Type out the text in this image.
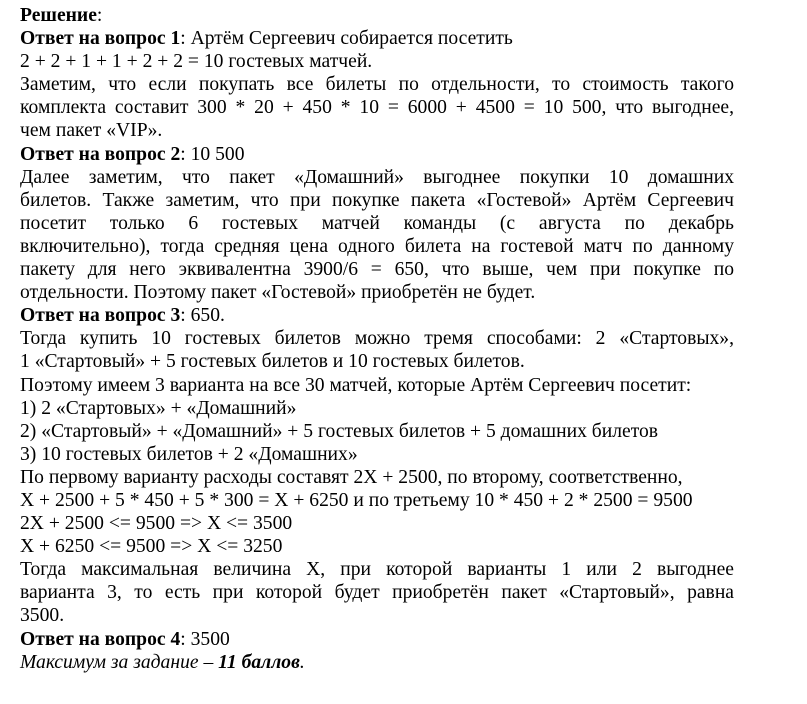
Решение:
Ответ на вопрос 1: Артём Сергеевич собирается посетить
2 + 2 + 1 + 1 + 2 + 2 = 10 гостевых матчей.
Заметим, что если покупать все билеты по отдельности, то стоимость такого
комплекта составит 300 * 20 + 450 * 10 = 6000 + 4500 = 10 500, что выгоднее,
чем пакет «VIP».
Ответ на вопрос 2: 10 500
Далее заметим, что пакет «Домашний» выгоднее покупки 10 домашних
билетов. Также заметим, что при покупке пакета «Гостевой» Артём Сергеевич
посетит только 6 гостевых матчей команды (с августа по декабрь
включительно), тогда средняя цена одного билета на гостевой матч по данному
пакету для него эквивалентна 3900/6 = 650, что выше, чем при покупке по
отдельности. Поэтому пакет «Гостевой» приобретён не будет.
Ответ на вопрос 3: 650.
Тогда купить 10 гостевых билетов можно тремя способами: 2 «Стартовых»,
1 «Стартовый» + 5 гостевых билетов и 10 гостевых билетов.
Поэтому имеем 3 варианта на все 30 матчей, которые Артём Сергеевич посетит:
1) 2 «Стартовых» + «Домашний»
2) «Стартовый» + «Домашний» + 5 гостевых билетов + 5 домашних билетов
3) 10 гостевых билетов + 2 «Домашних»
По первому варианту расходы составят 2X + 2500, по второму, соответственно,
X + 2500 + 5 * 450 + 5 * 300 = X + 6250 и по третьему 10 * 450 + 2 * 2500 = 9500
2X + 2500 <= 9500 => X <= 3500
X + 6250 <= 9500 => X <= 3250
Тогда максимальная величина X, при которой варианты 1 или 2 выгоднее
варианта 3, то есть при которой будет приобретён пакет «Стартовый», равна
3500.
Ответ на вопрос 4: 3500
Максимум за задание – 11 баллов.
